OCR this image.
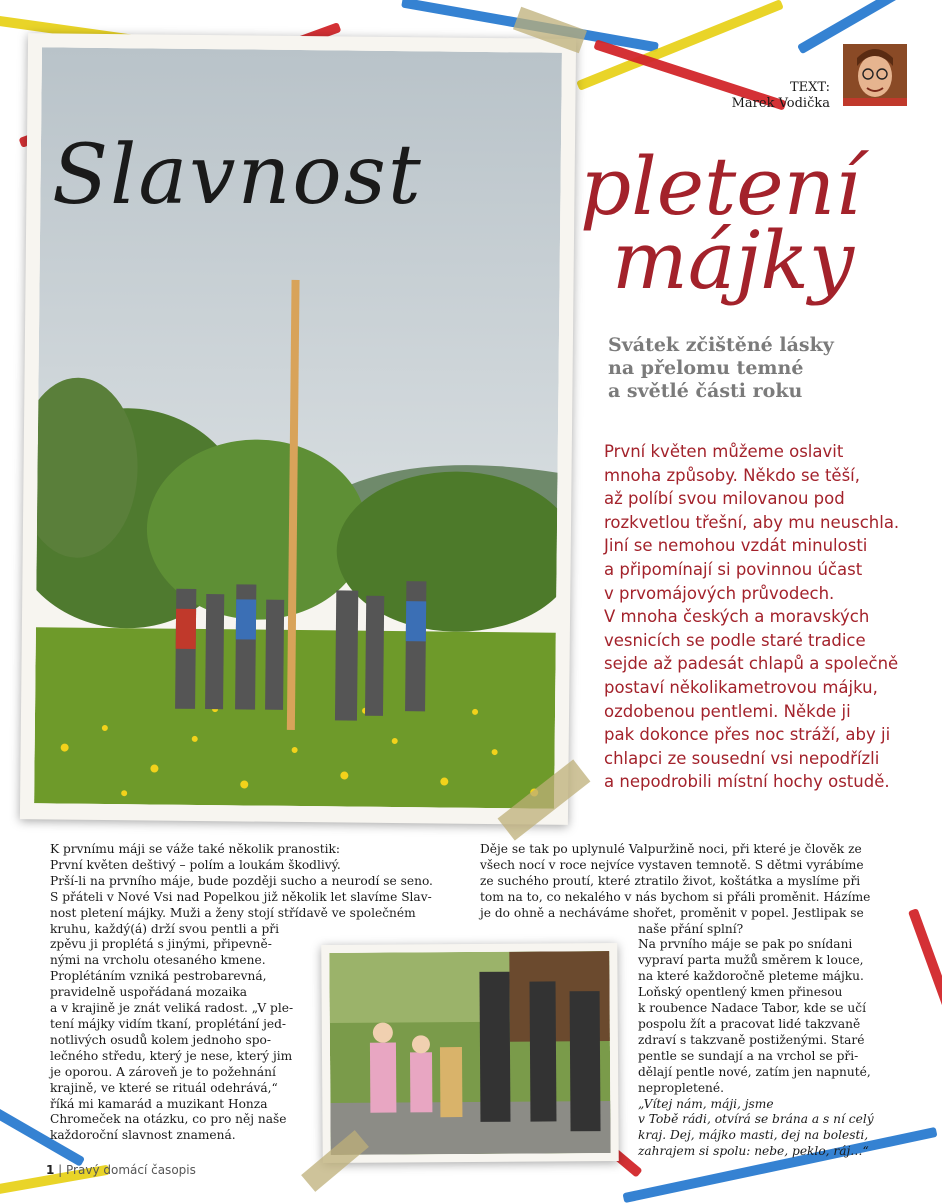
TEXT:
Marek Vodička
Slavnost pletení
májky
Svátek zčištěné lásky
na přelomu temné
a světlé části roku
První květen můžeme oslavit
mnoha způsoby. Někdo se těší,
až políbí svou milovanou pod
rozkvetlou třešní, aby mu neuschla.
Jiní se nemohou vzdát minulosti
a připomínají si povinnou účast
v prvomájových průvodech.
V mnoha českých a moravských
vesnicích se podle staré tradice
sejde až padesát chlapů a společně
postaví několikametrovou májku,
ozdobenou pentlemi. Někde ji
pak dokonce přes noc stráží, aby ji
chlapci ze sousední vsi nepodřízli
a nepodrobili místní hochy ostudě.

K prvnímu máji se váže také několik pranostik:

První květen deštivý – polím a loukám škodlivý.

Prší-li na prvního máje, bude později sucho a neurodí se seno.

S přáteli v Nové Vsi nad Popelkou již několik let slavíme Slav-

nost pletení májky. Muži a ženy stojí střídavě ve společném

kruhu, každý(á) drží svou pentli a při

zpěvu ji proplétá s jinými, připevně-

nými na vrcholu otesaného kmene.

Proplétáním vzniká pestrobarevná,

pravidelně uspořádaná mozaika

a v krajině je znát veliká radost. „V ple-

tení májky vidím tkaní, proplétání jed-

notlivých osudů kolem jednoho spo-

lečného středu, který je nese, který jim

je oporou. A zároveň je to požehnání

krajině, ve které se rituál odehrává,“

říká mi kamarád a muzikant Honza

Chromeček na otázku, co pro něj naše

každoroční slavnost znamená.

Děje se tak po uplynulé Valpuržině noci, při které je člověk ze

všech nocí v roce nejvíce vystaven temnotě. S dětmi vyrábíme

ze suchého proutí, které ztratilo život, koštátka a myslíme při

tom na to, co nekalého v nás bychom si přáli proměnit. Házíme

je do ohně a necháváme shořet, proměnit v popel. Jestlipak se

naše přání splní?

Na prvního máje se pak po snídani

vypraví parta mužů směrem k louce,

na které každoročně pleteme májku.

Loňský opentlený kmen přinesou

k roubence Nadace Tabor, kde se učí

pospolu žít a pracovat lidé takzvaně

zdraví s takzvaně postiženými. Staré

pentle se sundají a na vrchol se při-

dělají pentle nové, zatím jen napnuté,

nepropletené.

„Vítej nám, máji, jsme

v Tobě rádi, otvírá se brána a s ní celý

kraj. Dej, májko masti, dej na bolesti,

zahrajem si spolu: nebe, peklo, ráj…“

1 | Pravý domácí časopis
